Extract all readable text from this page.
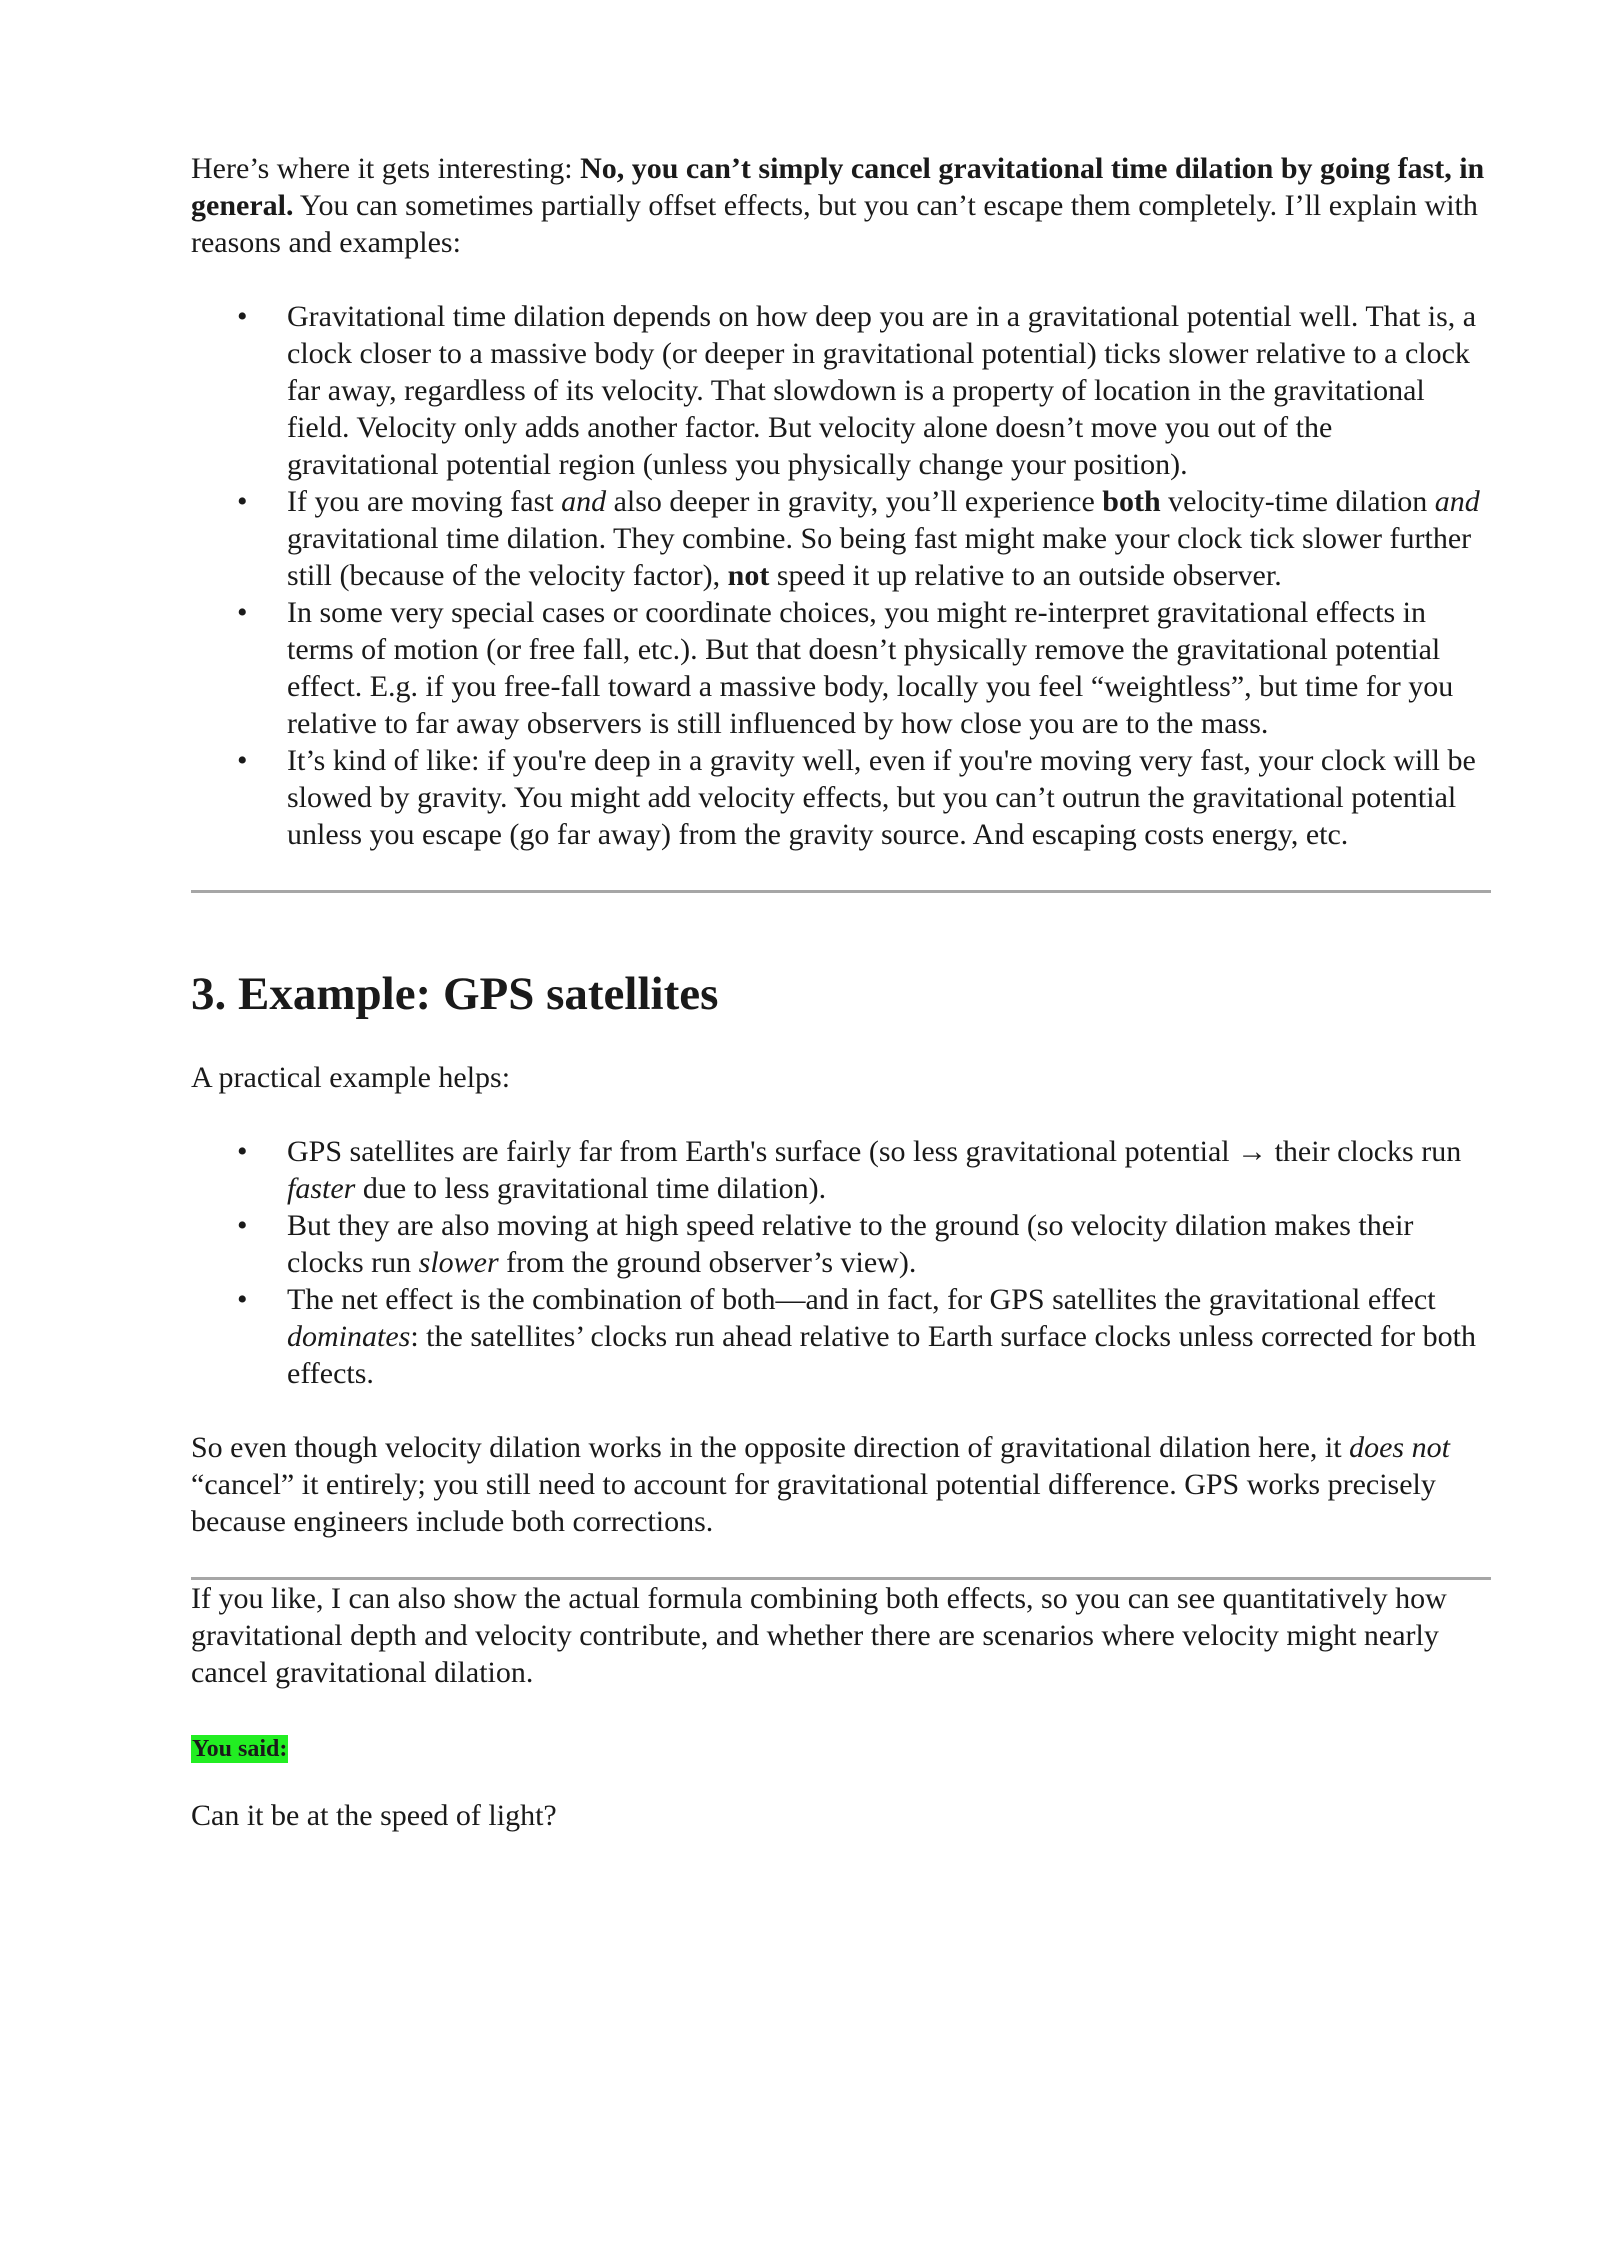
Here’s where it gets interesting: No, you can’t simply cancel gravitational time dilation by going fast, in general. You can sometimes partially offset effects, but you can’t escape them completely. I’ll explain with reasons and examples:

• Gravitational time dilation depends on how deep you are in a gravitational potential well. That is, a clock closer to a massive body (or deeper in gravitational potential) ticks slower relative to a clock far away, regardless of its velocity. That slowdown is a property of location in the gravitational field. Velocity only adds another factor. But velocity alone doesn’t move you out of the gravitational potential region (unless you physically change your position).
• If you are moving fast and also deeper in gravity, you’ll experience both velocity-time dilation and gravitational time dilation. They combine. So being fast might make your clock tick slower further still (because of the velocity factor), not speed it up relative to an outside observer.
• In some very special cases or coordinate choices, you might re-interpret gravitational effects in terms of motion (or free fall, etc.). But that doesn’t physically remove the gravitational potential effect. E.g. if you free-fall toward a massive body, locally you feel “weightless”, but time for you relative to far away observers is still influenced by how close you are to the mass.
• It’s kind of like: if you're deep in a gravity well, even if you're moving very fast, your clock will be slowed by gravity. You might add velocity effects, but you can’t outrun the gravitational potential unless you escape (go far away) from the gravity source. And escaping costs energy, etc.
3. Example: GPS satellites

A practical example helps:

• GPS satellites are fairly far from Earth's surface (so less gravitational potential → their clocks run faster due to less gravitational time dilation).
• But they are also moving at high speed relative to the ground (so velocity dilation makes their clocks run slower from the ground observer’s view).
• The net effect is the combination of both—and in fact, for GPS satellites the gravitational effect dominates: the satellites’ clocks run ahead relative to Earth surface clocks unless corrected for both effects.

So even though velocity dilation works in the opposite direction of gravitational dilation here, it does not “cancel” it entirely; you still need to account for gravitational potential difference. GPS works precisely because engineers include both corrections.

If you like, I can also show the actual formula combining both effects, so you can see quantitatively how gravitational depth and velocity contribute, and whether there are scenarios where velocity might nearly cancel gravitational dilation.

You said:

Can it be at the speed of light?
